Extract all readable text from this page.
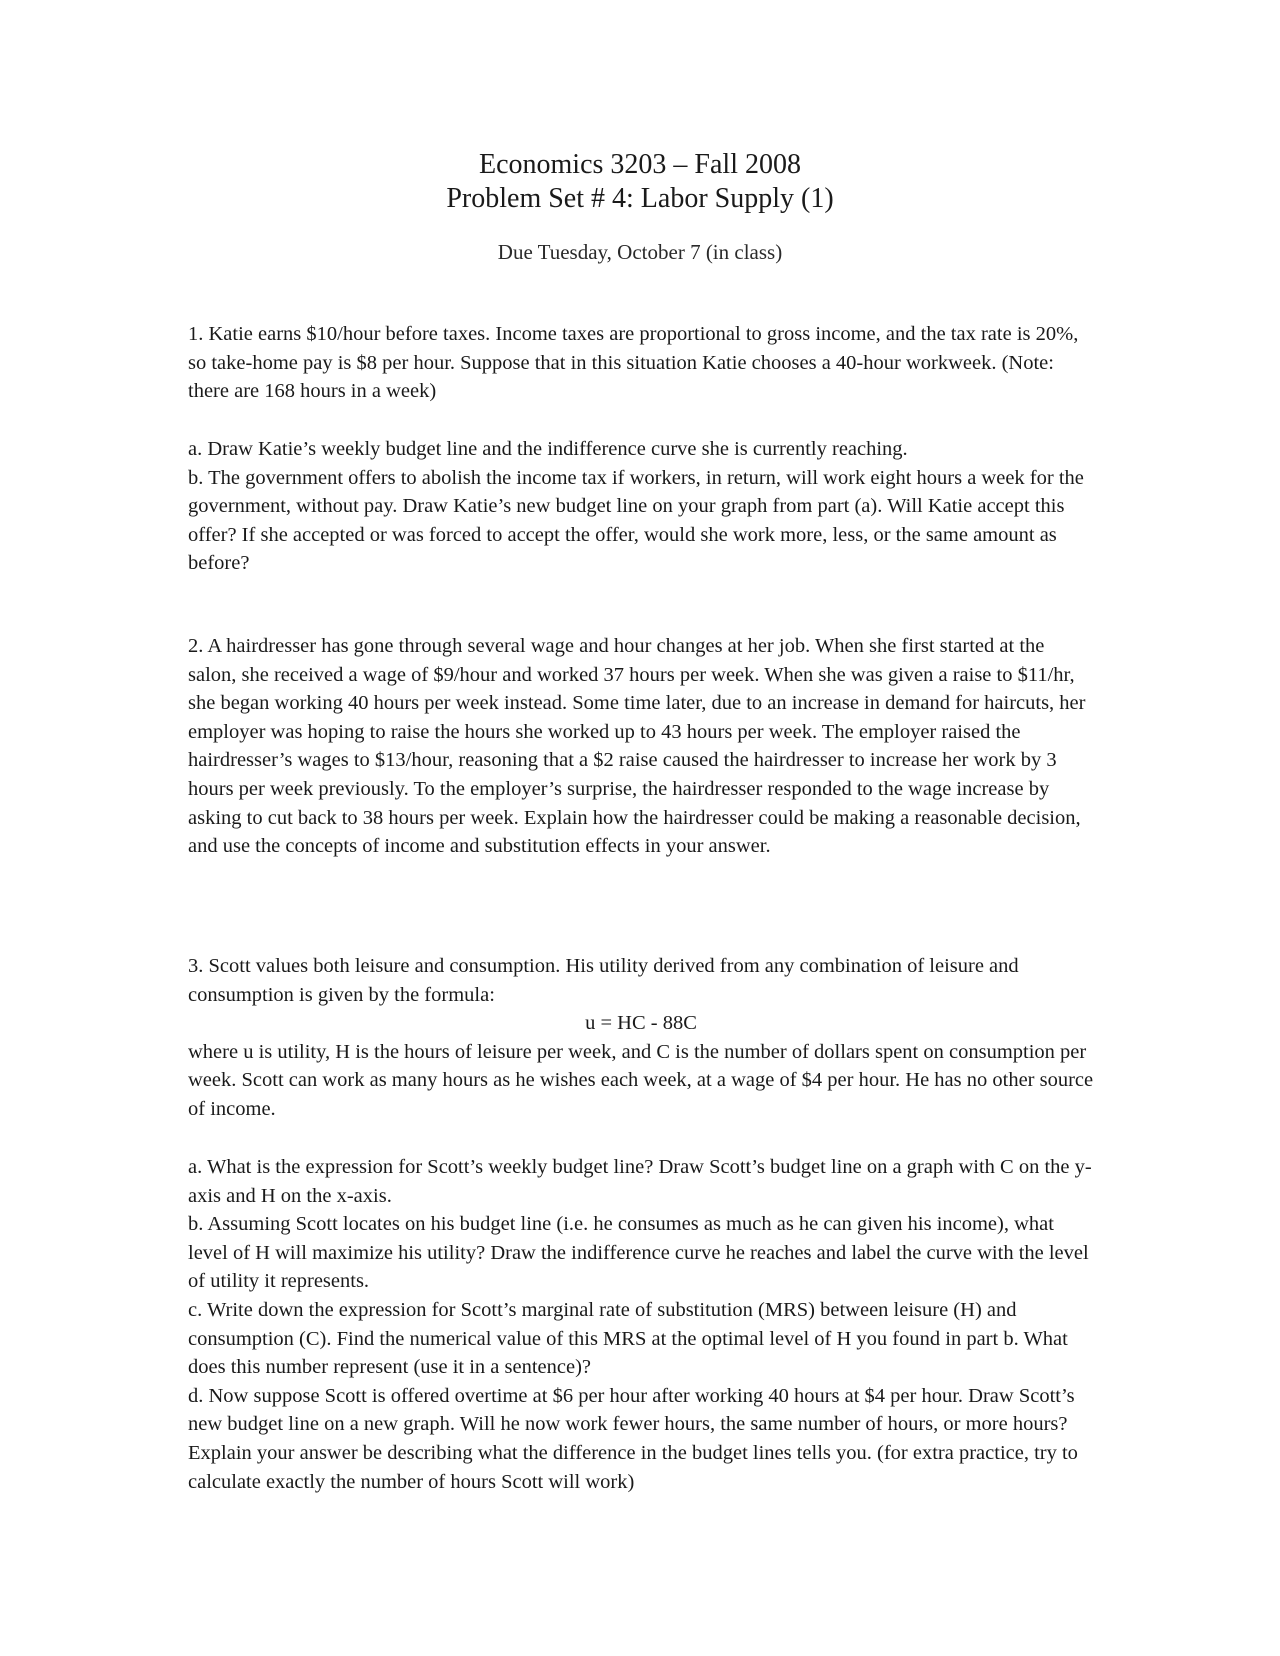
Economics 3203 – Fall 2008
Problem Set # 4: Labor Supply (1)
Due Tuesday, October 7 (in class)

1. Katie earns $10/hour before taxes. Income taxes are proportional to gross income, and the tax rate is 20%, so take-home pay is $8 per hour. Suppose that in this situation Katie chooses a 40-hour workweek. (Note: there are 168 hours in a week)

a. Draw Katie’s weekly budget line and the indifference curve she is currently reaching.

b. The government offers to abolish the income tax if workers, in return, will work eight hours a week for the government, without pay. Draw Katie’s new budget line on your graph from part (a). Will Katie accept this offer? If she accepted or was forced to accept the offer, would she work more, less, or the same amount as before?

2. A hairdresser has gone through several wage and hour changes at her job. When she first started at the salon, she received a wage of $9/hour and worked 37 hours per week. When she was given a raise to $11/hr, she began working 40 hours per week instead. Some time later, due to an increase in demand for haircuts, her employer was hoping to raise the hours she worked up to 43 hours per week. The employer raised the hairdresser’s wages to $13/hour, reasoning that a $2 raise caused the hairdresser to increase her work by 3 hours per week previously. To the employer’s surprise, the hairdresser responded to the wage increase by asking to cut back to 38 hours per week. Explain how the hairdresser could be making a reasonable decision, and use the concepts of income and substitution effects in your answer.

3. Scott values both leisure and consumption. His utility derived from any combination of leisure and consumption is given by the formula:

u = HC - 88C

where u is utility, H is the hours of leisure per week, and C is the number of dollars spent on consumption per week. Scott can work as many hours as he wishes each week, at a wage of $4 per hour. He has no other source of income.

a. What is the expression for Scott’s weekly budget line? Draw Scott’s budget line on a graph with C on the y-axis and H on the x-axis.

b. Assuming Scott locates on his budget line (i.e. he consumes as much as he can given his income), what level of H will maximize his utility? Draw the indifference curve he reaches and label the curve with the level of utility it represents.

c. Write down the expression for Scott’s marginal rate of substitution (MRS) between leisure (H) and consumption (C). Find the numerical value of this MRS at the optimal level of H you found in part b. What does this number represent (use it in a sentence)?

d. Now suppose Scott is offered overtime at $6 per hour after working 40 hours at $4 per hour. Draw Scott’s new budget line on a new graph. Will he now work fewer hours, the same number of hours, or more hours? Explain your answer be describing what the difference in the budget lines tells you. (for extra practice, try to calculate exactly the number of hours Scott will work)
